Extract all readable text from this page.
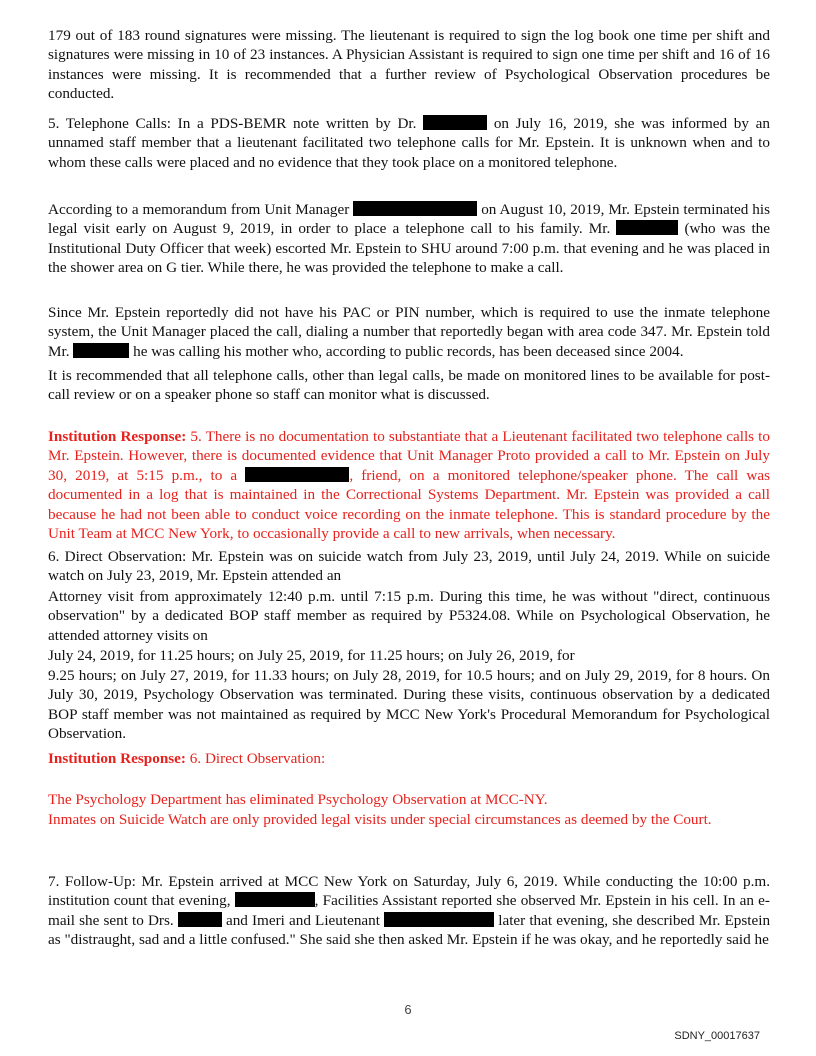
179 out of 183 round signatures were missing. The lieutenant is required to sign the log book one time per shift and signatures were missing in 10 of 23 instances. A Physician Assistant is required to sign one time per shift and 16 of 16 instances were missing. It is recommended that a further review of Psychological Observation procedures be conducted.

5. Telephone Calls: In a PDS-BEMR note written by Dr.	on July 16, 2019, she was informed by an unnamed staff member that a lieutenant facilitated two telephone calls for Mr. Epstein. It is unknown when and to whom these calls were placed and no evidence that they took place on a monitored telephone.

According to a memorandum from Unit Manager	on August 10, 2019, Mr. Epstein terminated his legal visit early on August 9, 2019, in order to place a telephone call to his family. Mr.	(who was the Institutional Duty Officer that week) escorted Mr. Epstein to SHU around 7:00 p.m. that evening and he was placed in the shower area on G tier. While there, he was provided the telephone to make a call.

Since Mr. Epstein reportedly did not have his PAC or PIN number, which is required to use the inmate telephone system, the Unit Manager placed the call, dialing a number that reportedly began with area code 347. Mr. Epstein told Mr.	he was calling his mother who, according to public records, has been deceased since 2004.

It is recommended that all telephone calls, other than legal calls, be made on monitored lines to be available for post-call review or on a speaker phone so staff can monitor what is discussed.

Institution Response: 5. There is no documentation to substantiate that a Lieutenant facilitated two telephone calls to Mr. Epstein. However, there is documented evidence that Unit Manager Proto provided a call to Mr. Epstein on July 30, 2019, at 5:15 p.m., to a	, friend, on a monitored telephone/speaker phone. The call was documented in a log that is maintained in the Correctional Systems Department. Mr. Epstein was provided a call because he had not been able to conduct voice recording on the inmate telephone. This is standard procedure by the Unit Team at MCC New York, to occasionally provide a call to new arrivals, when necessary.

6. Direct Observation: Mr. Epstein was on suicide watch from July 23, 2019, until July 24, 2019. While on suicide watch on July 23, 2019, Mr. Epstein attended an

Attorney visit from approximately 12:40 p.m. until 7:15 p.m. During this time, he was without "direct, continuous observation" by a dedicated BOP staff member as required by P5324.08. While on Psychological Observation, he attended attorney visits on

July 24, 2019, for 11.25 hours; on July 25, 2019, for 11.25 hours; on July 26, 2019, for

9.25 hours; on July 27, 2019, for 11.33 hours; on July 28, 2019, for 10.5 hours; and on July 29, 2019, for 8 hours. On July 30, 2019, Psychology Observation was terminated. During these visits, continuous observation by a dedicated BOP staff member was not maintained as required by MCC New York's Procedural Memorandum for Psychological Observation.

Institution Response: 6. Direct Observation:

The Psychology Department has eliminated Psychology Observation at MCC-NY.

Inmates on Suicide Watch are only provided legal visits under special circumstances as deemed by the Court.

7. Follow-Up: Mr. Epstein arrived at MCC New York on Saturday, July 6, 2019. While conducting the 10:00 p.m. institution count that evening,	, Facilities Assistant reported she observed Mr. Epstein in his cell. In an e-mail she sent to Drs.	and Imeri and Lieutenant	later that evening, she described Mr. Epstein as "distraught, sad and a little confused." She said she then asked Mr. Epstein if he was okay, and he reportedly said he

6
SDNY_00017637
